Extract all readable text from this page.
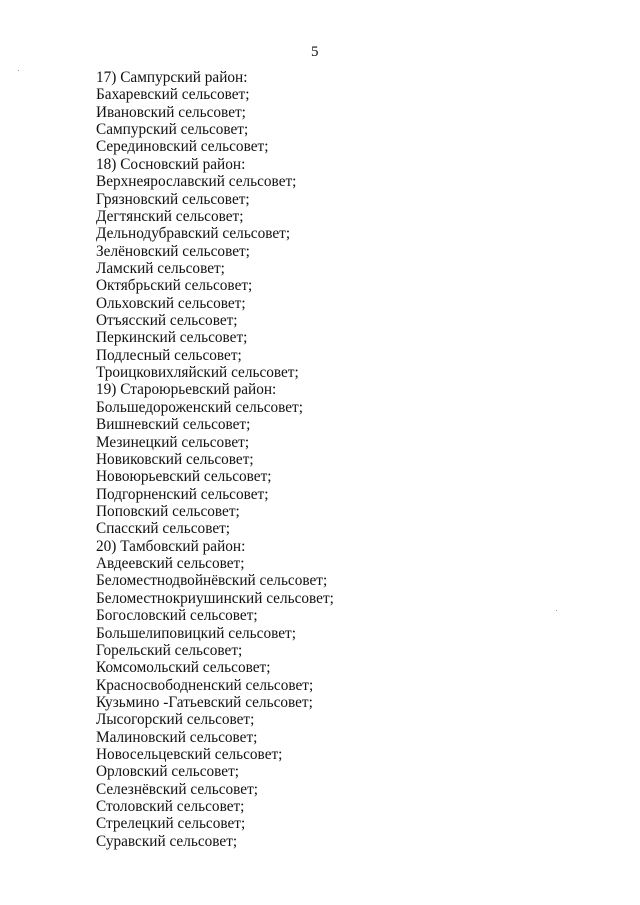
5
17) Сампурский район:
Бахаревский сельсовет;
Ивановский сельсовет;
Сампурский сельсовет;
Серединовский сельсовет;
18) Сосновский район:
Верхнеярославский сельсовет;
Грязновский сельсовет;
Дегтянский сельсовет;
Дельнодубравский сельсовет;
Зелёновский сельсовет;
Ламский сельсовет;
Октябрьский сельсовет;
Ольховский сельсовет;
Отъясский сельсовет;
Перкинский сельсовет;
Подлесный сельсовет;
Троицковихляйский сельсовет;
19) Староюрьевский район:
Большедороженский сельсовет;
Вишневский сельсовет;
Мезинецкий сельсовет;
Новиковский сельсовет;
Новоюрьевский сельсовет;
Подгорненский сельсовет;
Поповский сельсовет;
Спасский сельсовет;
20) Тамбовский район:
Авдеевский сельсовет;
Беломестнодвойнёвский сельсовет;
Беломестнокриушинский сельсовет;
Богословский сельсовет;
Большелиповицкий сельсовет;
Горельский сельсовет;
Комсомольский сельсовет;
Красносвободненский сельсовет;
Кузьмино -Гатьевский сельсовет;
Лысогорский сельсовет;
Малиновский сельсовет;
Новосельцевский сельсовет;
Орловский сельсовет;
Селезнёвский сельсовет;
Столовский сельсовет;
Стрелецкий сельсовет;
Суравский сельсовет;
